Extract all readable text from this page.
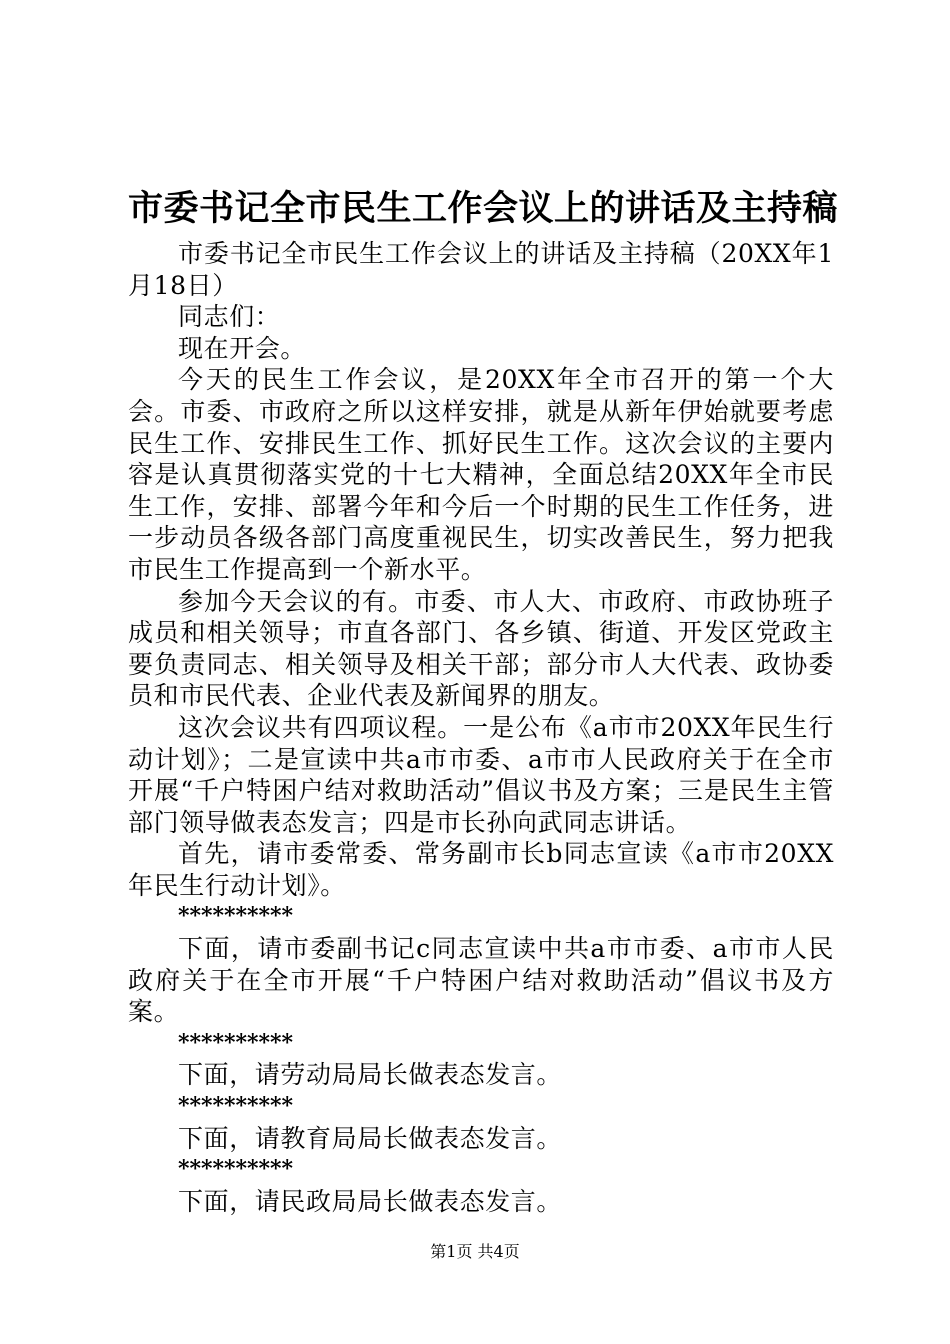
市委书记全市民生工作会议上的讲话及主持稿

市委书记全市民生工作会议上的讲话及主持稿（20XX年1月18日）

同志们：

现在开会。

今天的民生工作会议，是20XX年全市召开的第一个大会。市委、市政府之所以这样安排，就是从新年伊始就要考虑民生工作、安排民生工作、抓好民生工作。这次会议的主要内容是认真贯彻落实党的十七大精神，全面总结20XX年全市民生工作，安排、部署今年和今后一个时期的民生工作任务，进一步动员各级各部门高度重视民生，切实改善民生，努力把我市民生工作提高到一个新水平。

参加今天会议的有。市委、市人大、市政府、市政协班子成员和相关领导；市直各部门、各乡镇、街道、开发区党政主要负责同志、相关领导及相关干部；部分市人大代表、政协委员和市民代表、企业代表及新闻界的朋友。

这次会议共有四项议程。一是公布《a市市20XX年民生行动计划》；二是宣读中共a市市委、a市市人民政府关于在全市开展“千户特困户结对救助活动”倡议书及方案；三是民生主管部门领导做表态发言；四是市长孙向武同志讲话。

首先，请市委常委、常务副市长b同志宣读《a市市20XX年民生行动计划》。

**********

下面，请市委副书记c同志宣读中共a市市委、a市市人民政府关于在全市开展“千户特困户结对救助活动”倡议书及方案。

**********

下面，请劳动局局长做表态发言。

**********

下面，请教育局局长做表态发言。

**********

下面，请民政局局长做表态发言。

第1页 共4页
